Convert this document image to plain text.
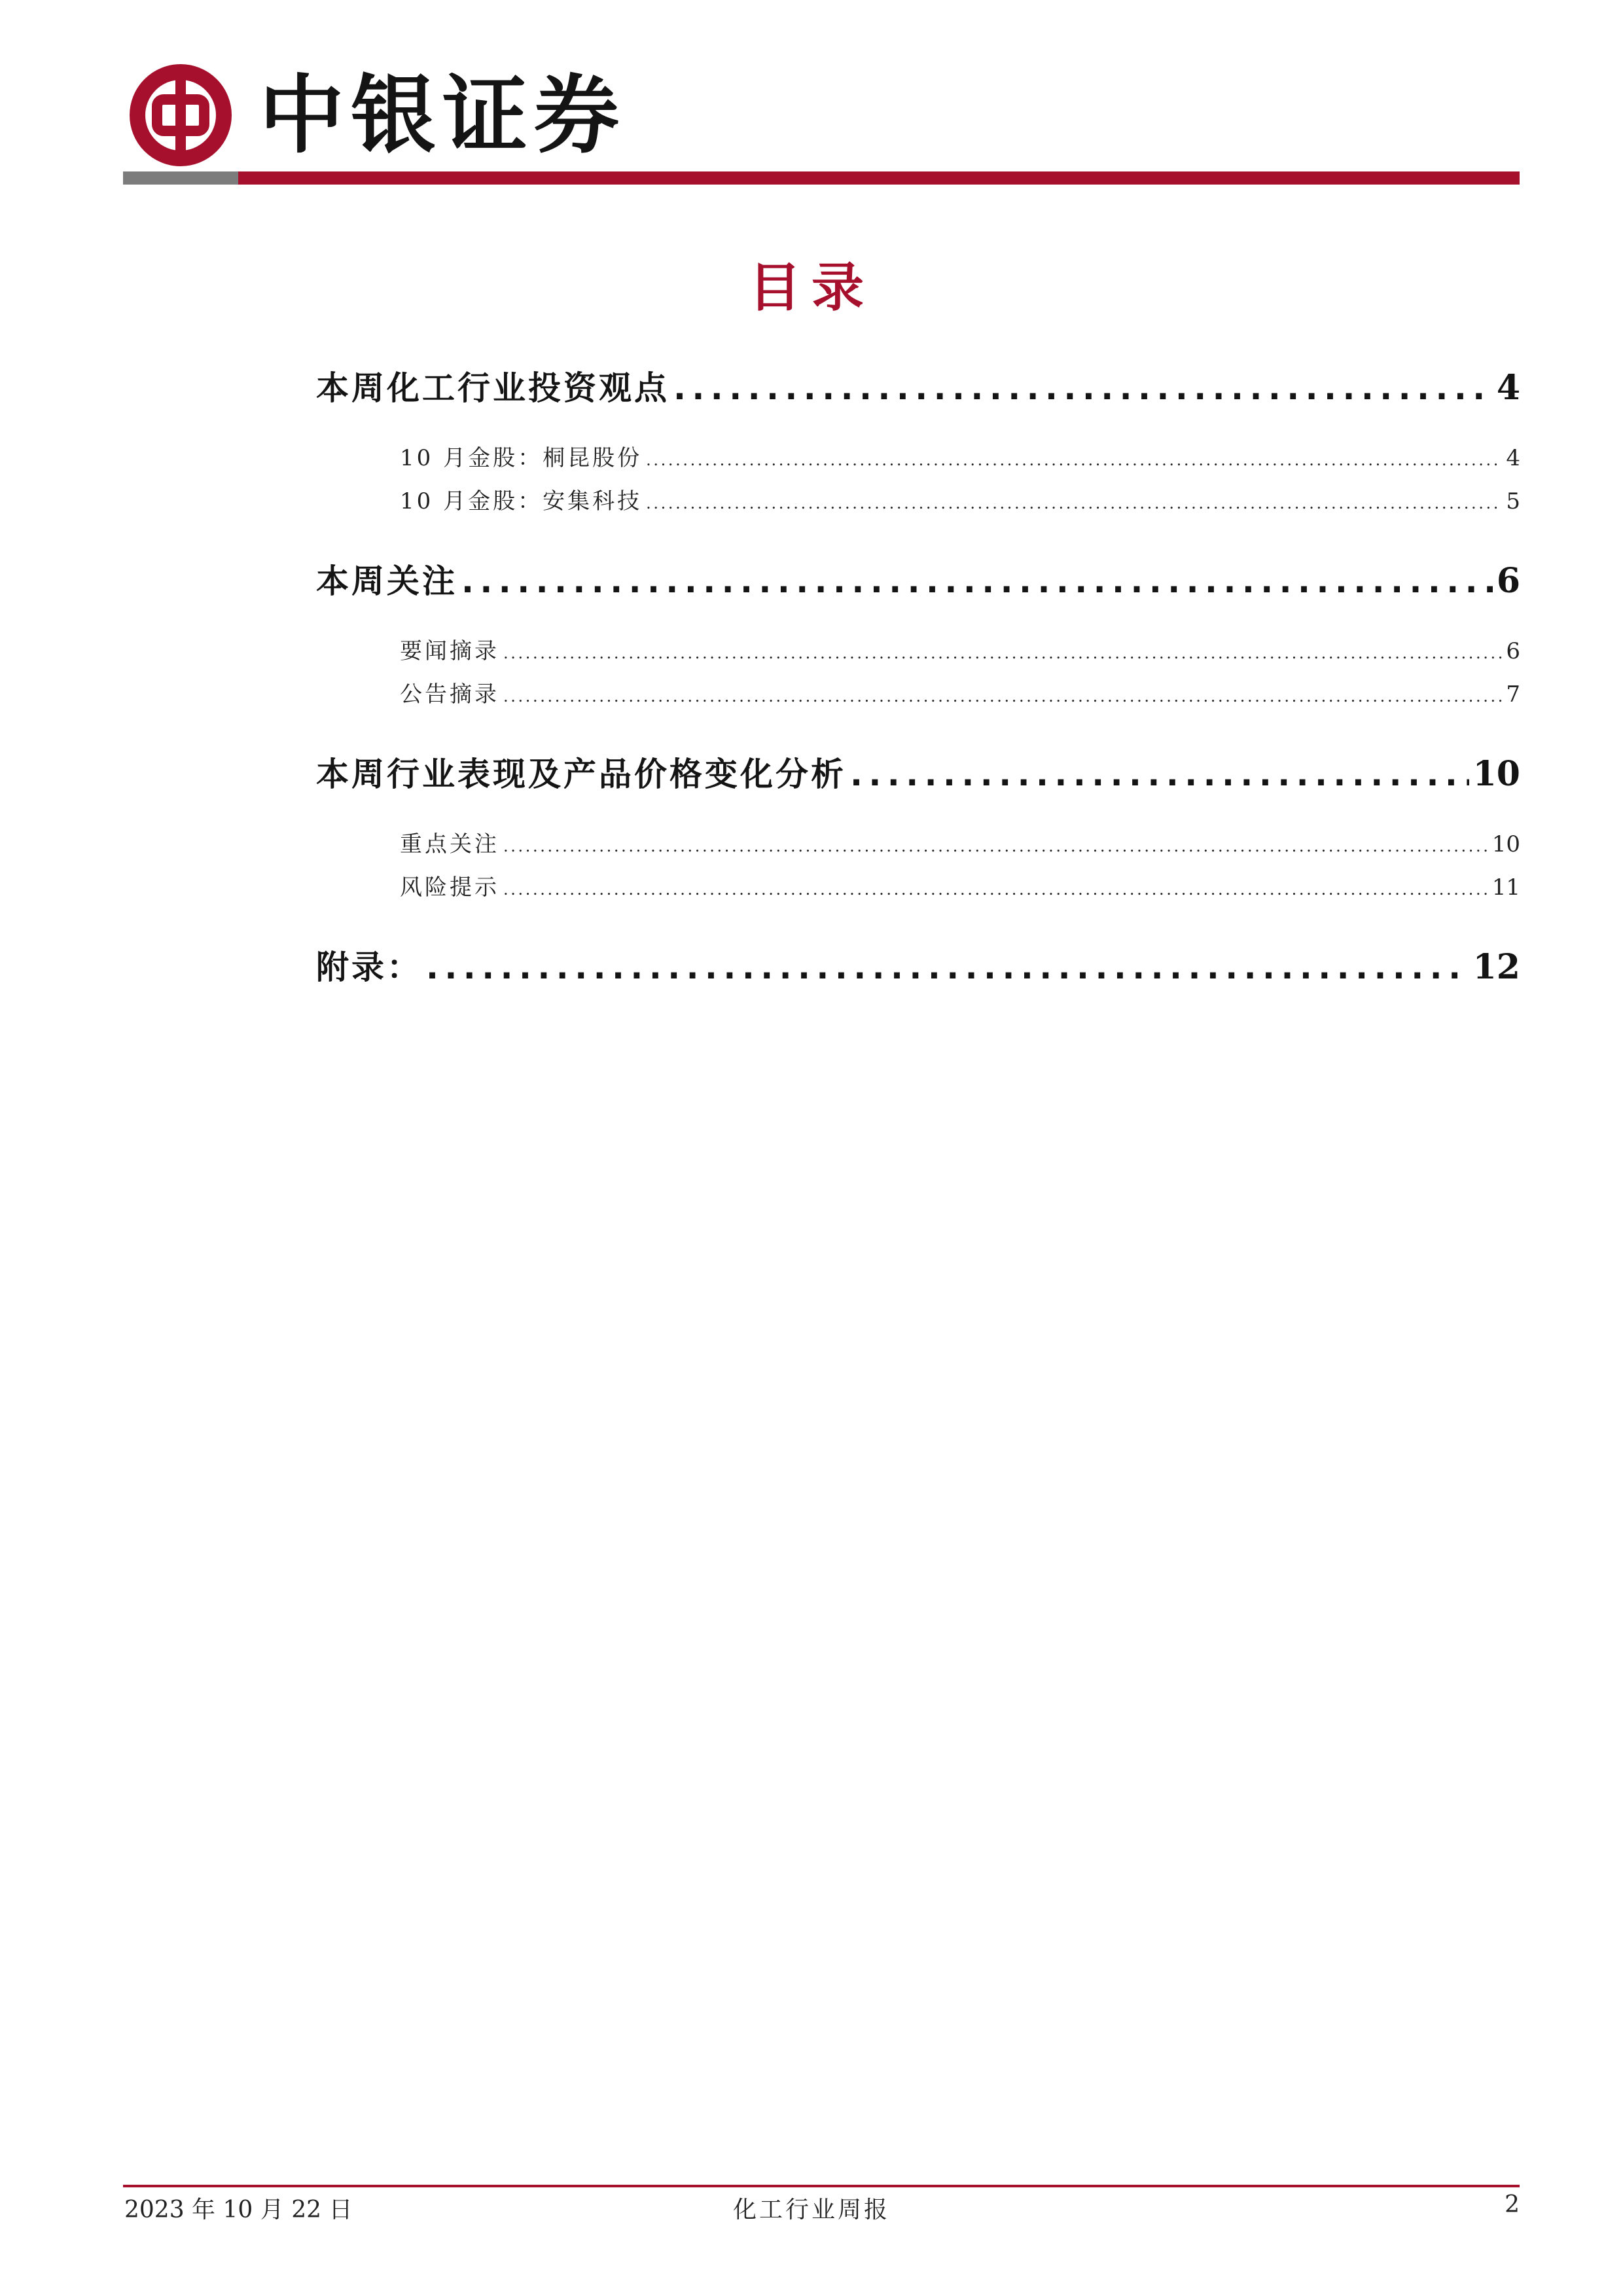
中银证券
目录
本周化工行业投资观点 . . .	4
10 月金股：桐昆股份 . . .	4
10 月金股：安集科技 . . .	5
本周关注 . . .	6
要闻摘录 . . .	6
公告摘录 . . .	7
本周行业表现及产品价格变化分析 . . .	10
重点关注 . . .	10
风险提示 . . .	11
附录： . . .	12
2023 年 10 月 22 日	化工行业周报	2
